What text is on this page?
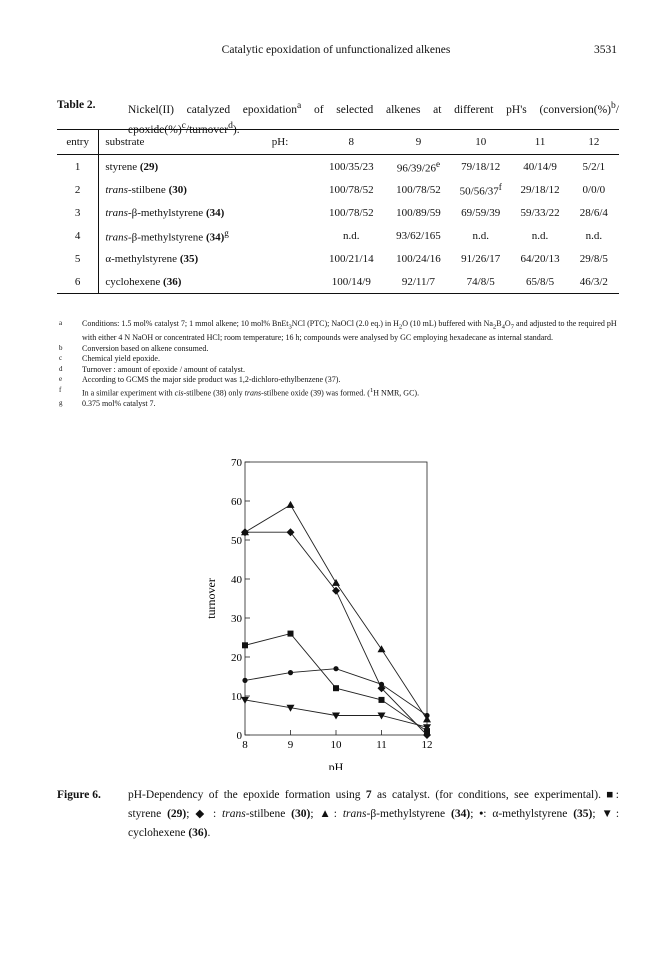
Catalytic epoxidation of unfunctionalized alkenes	3531
Table 2.	Nickel(II) catalyzed epoxidation$^a$ of selected alkenes at different pH's (conversion(%)$^b$/ epoxide(%)$^c$/turnover$^d$).
entry	substrate	pH:	8	9	10	11	12
1	styrene (29)		100/35/23	96/39/26e	79/18/12	40/14/9	5/2/1
2	trans-stilbene (30)		100/78/52	100/78/52	50/56/37$^f$	29/18/12	0/0/0
3	trans-β-methylstyrene (34)		100/78/52	100/89/59	69/59/39	59/33/22	28/6/4
4	trans-β-methylstyrene $(34)^g$		n.d.	93/62/165	n.d.	n.d.	n.d.
5	α-methylstyrene (35)		100/21/14	100/24/16	91/26/17	64/20/13	29/8/5
6	cyclohexene (36)		100/14/9	92/11/7	74/8/5	65/8/5	46/3/2
a Conditions: 1.5 mol% catalyst 7; 1 mmol alkene; 10 mol% BnEt$_3$NCl (PTC); NaOCl (2.0 eq.) in $H_2O$ (10 mL) buffered with $Na_2B_4O_7$ and adjusted to the required pH with either 4 N NaOH or concentrated HCl; room temperature; 16 h; compounds were analysed by GC employing hexadecane as internal standard.
b Conversion based on alkene consumed.
c Chemical yield epoxide.
d Turnover : amount of epoxide / amount of catalyst.
e According to GCMS the major side product was 1,2-dichloro-ethylbenzene (37).
f	In a similar experiment with cis-stilbene (38) only trans-stilbene oxide (39) was formed. ($^1$H NMR, GC).
g 0.375 mol% catalyst 7.
0
10
20
30
40
50
60
70
8	9	10	11	12
pH
turnover
Figure 6. pH-Dependency of the epoxide formation using 7 as catalyst. (for conditions, see experimental). ■: styrene (29); ◆ : trans-stilbene (30); ▲: trans-β-methylstyrene (34); •: α-methylstyrene (35); ▼: cyclohexene (36).
